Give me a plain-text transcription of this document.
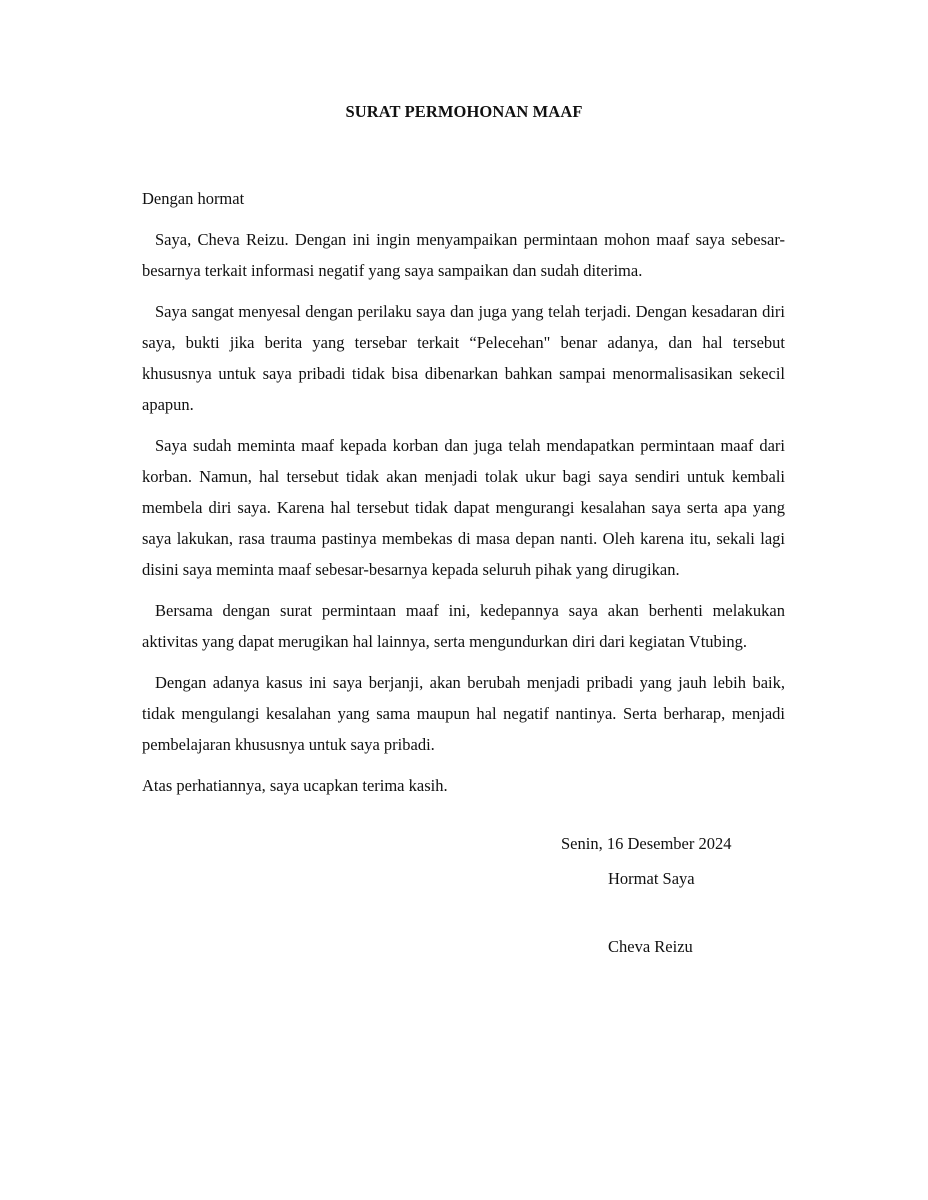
SURAT PERMOHONAN MAAF

Dengan hormat

Saya, Cheva Reizu. Dengan ini ingin menyampaikan permintaan mohon maaf saya sebesar-besarnya terkait informasi negatif yang saya sampaikan dan sudah diterima.

Saya sangat menyesal dengan perilaku saya dan juga yang telah terjadi. Dengan kesadaran diri saya, bukti jika berita yang tersebar terkait “Pelecehan" benar adanya, dan hal tersebut khususnya untuk saya pribadi tidak bisa dibenarkan bahkan sampai menormalisasikan sekecil apapun.

Saya sudah meminta maaf kepada korban dan juga telah mendapatkan permintaan maaf dari korban. Namun, hal tersebut tidak akan menjadi tolak ukur bagi saya sendiri untuk kembali membela diri saya. Karena hal tersebut tidak dapat mengurangi kesalahan saya serta apa yang saya lakukan, rasa trauma pastinya membekas di masa depan nanti. Oleh karena itu, sekali lagi disini saya meminta maaf sebesar-besarnya kepada seluruh pihak yang dirugikan.

Bersama dengan surat permintaan maaf ini, kedepannya saya akan berhenti melakukan aktivitas yang dapat merugikan hal lainnya, serta mengundurkan diri dari kegiatan Vtubing.

Dengan adanya kasus ini saya berjanji, akan berubah menjadi pribadi yang jauh lebih baik, tidak mengulangi kesalahan yang sama maupun hal negatif nantinya. Serta berharap, menjadi pembelajaran khususnya untuk saya pribadi.

Atas perhatiannya, saya ucapkan terima kasih.

Senin, 16 Desember 2024
Hormat Saya
Cheva Reizu
